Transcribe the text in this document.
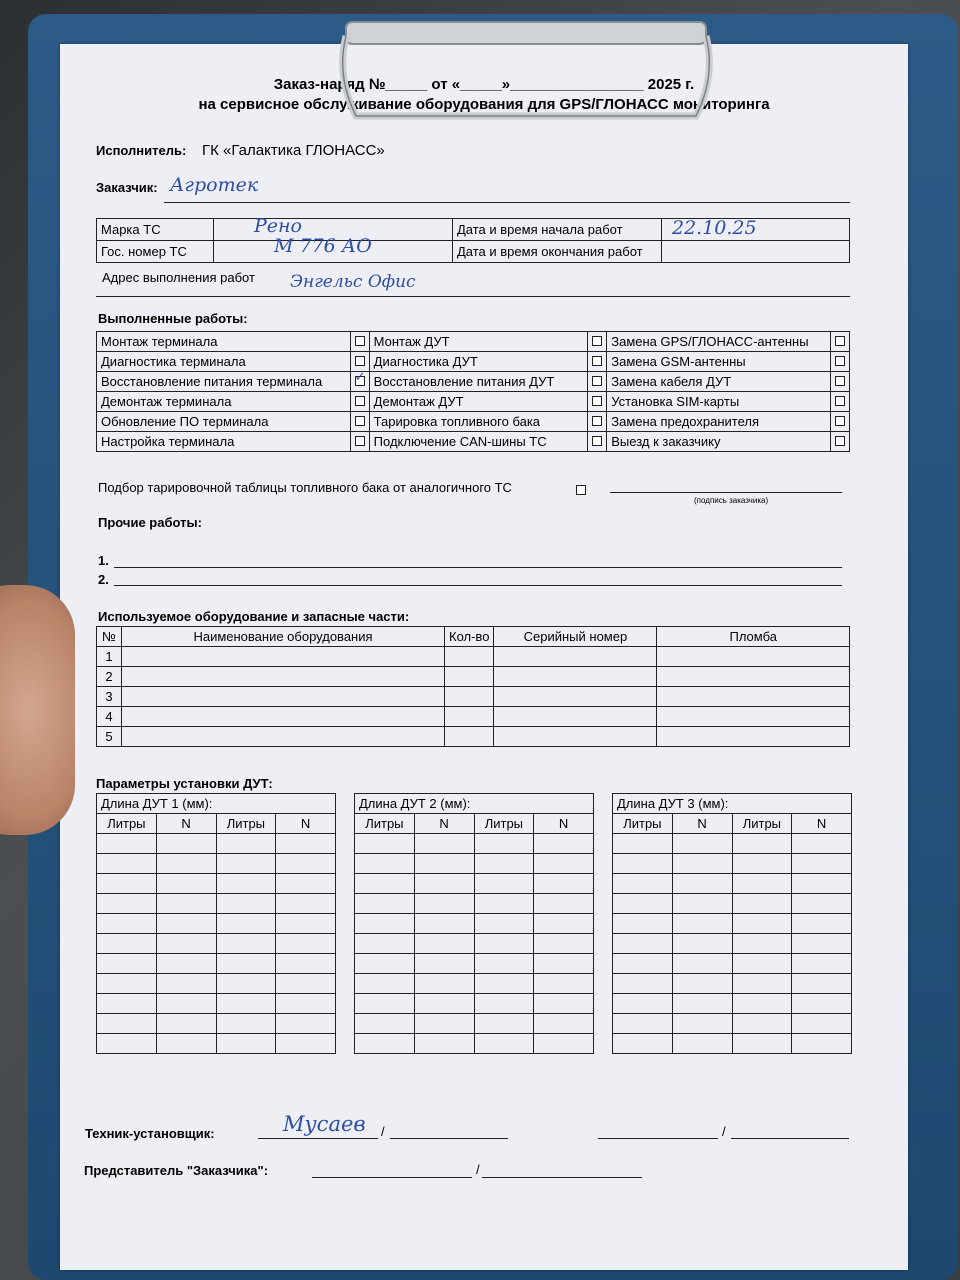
Заказ-наряд №_____ от «_____»________________ 2025 г.
на сервисное обслуживание оборудования для GPS/ГЛОНАСС мониторинга
Исполнитель: ГК «Галактика ГЛОНАСС»
Заказчик: Агротек
Марка ТС	Рено	Дата и время начала работ	22.10.25

Гос. номер ТС	М 776 АО	Дата и время окончания работ	
Адрес выполнения работ Энгельс Офис
Выполненные работы:
Монтаж терминала		Монтаж ДУТ		Замена GPS/ГЛОНАСС-антенны	
Диагностика терминала		Диагностика ДУТ		Замена GSM-антенны	
Восстановление питания терминала	✓	Восстановление питания ДУТ		Замена кабеля ДУТ	
Демонтаж терминала		Демонтаж ДУТ		Установка SIM-карты	
Обновление ПО терминала		Тарировка топливного бака		Замена предохранителя	
Настройка терминала		Подключение CAN-шины ТС		Выезд к заказчику	
Подбор тарировочной таблицы топливного бака от аналогичного ТС
(подпись заказчика)
Прочие работы:
1.
2.
Используемое оборудование и запасные части:
№	Наименование оборудования	Кол-во	Серийный номер	Пломба
1				
2				
3				
4				
5				
Параметры установки ДУТ:
Длина ДУТ 1 (мм):			
Литры	N	Литры	N

Длина ДУТ 2 (мм):			
Литры	N	Литры	N

Длина ДУТ 3 (мм):			
Литры	N	Литры	N

Техник-установщик:	Мусаев /	/
Представитель "Заказчика":	/
